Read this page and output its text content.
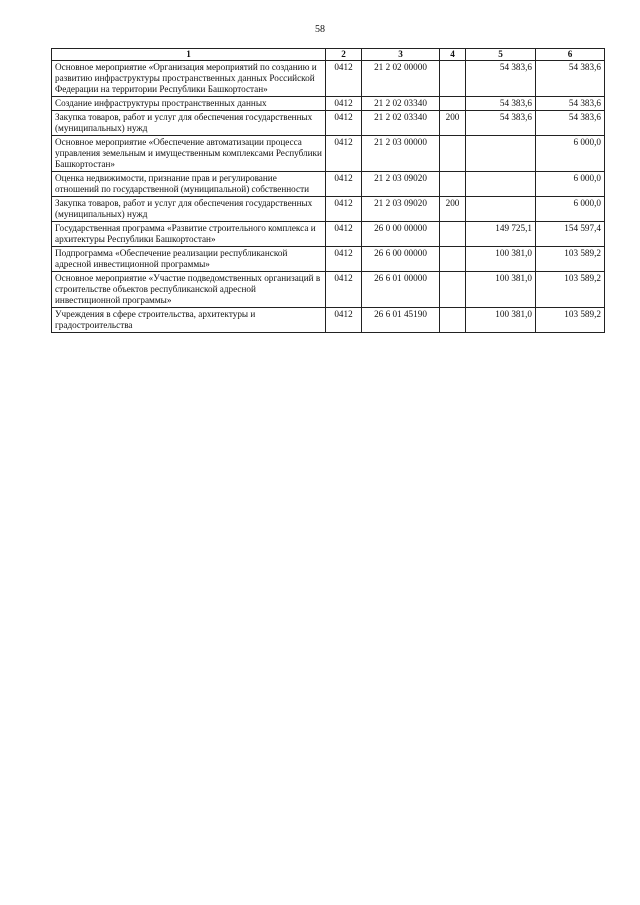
58
1	2	3	4	5	6
Основное мероприятие «Организация мероприятий по созданию и развитию инфраструктуры пространственных данных Российской Федерации на территории Республики Башкортостан»	0412	21 2 02 00000		54 383,6	54 383,6
Создание инфраструктуры пространственных данных	0412	21 2 02 03340		54 383,6	54 383,6
Закупка товаров, работ и услуг для обеспечения государственных (муниципальных) нужд	0412	21 2 02 03340	200	54 383,6	54 383,6
Основное мероприятие «Обеспечение автоматизации процесса управления земельным и имущественным комплексами Республики Башкортостан»	0412	21 2 03 00000			6 000,0
Оценка недвижимости, признание прав и регулирование отношений по государственной (муниципальной) собственности	0412	21 2 03 09020			6 000,0
Закупка товаров, работ и услуг для обеспечения государственных (муниципальных) нужд	0412	21 2 03 09020	200		6 000,0
Государственная программа «Развитие строительного комплекса и архитектуры Республики Башкортостан»	0412	26 0 00 00000		149 725,1	154 597,4
Подпрограмма «Обеспечение реализации республиканской адресной инвестиционной программы»	0412	26 6 00 00000		100 381,0	103 589,2
Основное мероприятие «Участие подведомственных организаций в строительстве объектов республиканской адресной инвестиционной программы»	0412	26 6 01 00000		100 381,0	103 589,2
Учреждения в сфере строительства, архитектуры и градостроительства	0412	26 6 01 45190		100 381,0	103 589,2
